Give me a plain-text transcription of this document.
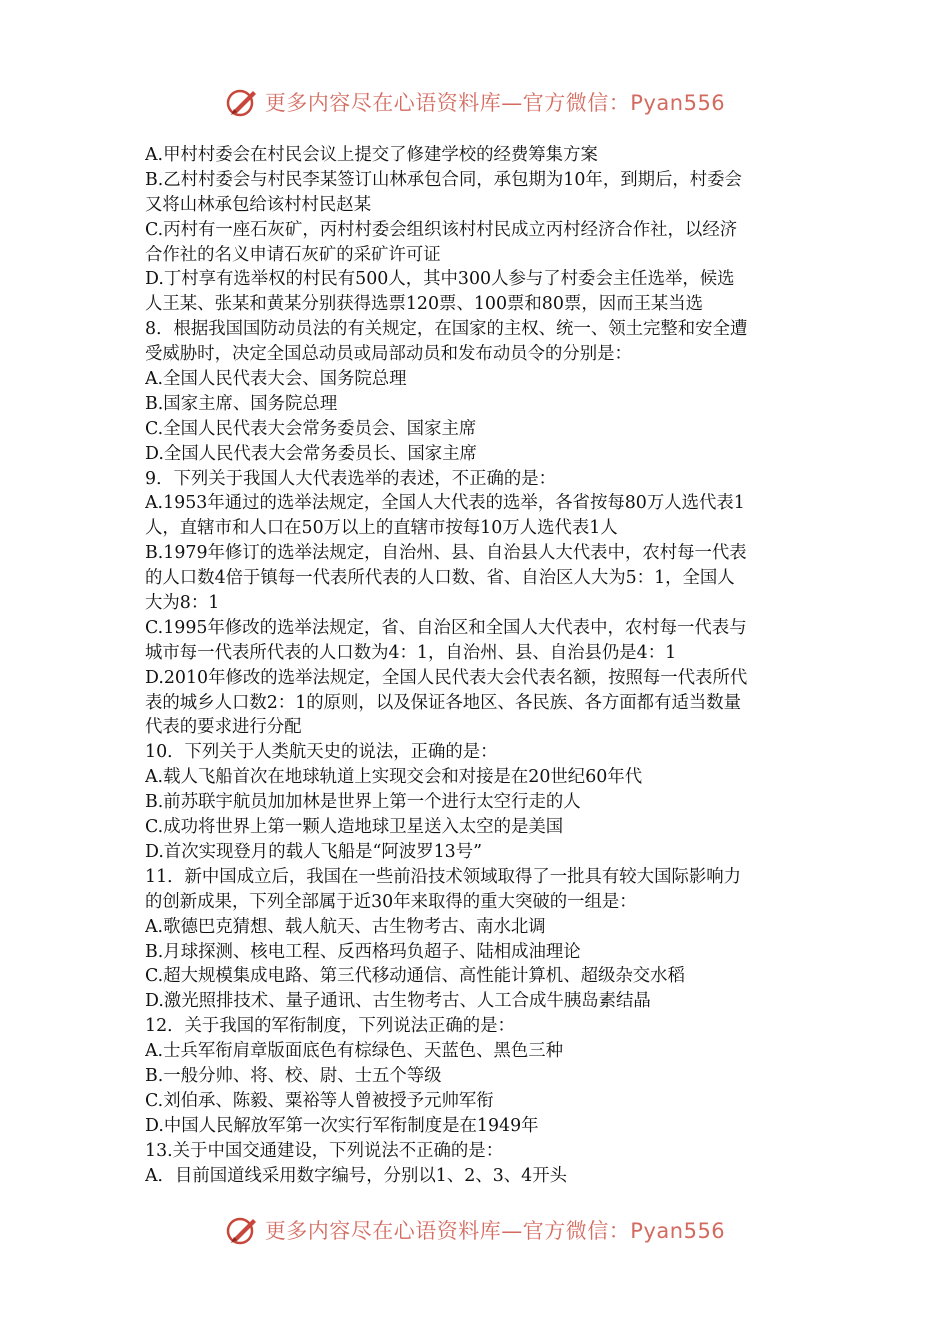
更多内容尽在心语资料库—官方微信：Pyan556
A.甲村村委会在村民会议上提交了修建学校的经费筹集方案
B.乙村村委会与村民李某签订山林承包合同，承包期为10年，到期后，村委会
又将山林承包给该村村民赵某
C.丙村有一座石灰矿，丙村村委会组织该村村民成立丙村经济合作社，以经济
合作社的名义申请石灰矿的采矿许可证
D.丁村享有选举权的村民有500人，其中300人参与了村委会主任选举，候选
人王某、张某和黄某分别获得选票120票、100票和80票，因而王某当选
8．根据我国国防动员法的有关规定，在国家的主权、统一、领土完整和安全遭
受威胁时，决定全国总动员或局部动员和发布动员令的分别是：
A.全国人民代表大会、国务院总理
B.国家主席、国务院总理
C.全国人民代表大会常务委员会、国家主席
D.全国人民代表大会常务委员长、国家主席
9．下列关于我国人大代表选举的表述，不正确的是：
A.1953年通过的选举法规定，全国人大代表的选举，各省按每80万人选代表1
人，直辖市和人口在50万以上的直辖市按每10万人选代表1人
B.1979年修订的选举法规定，自治州、县、自治县人大代表中，农村每一代表
的人口数4倍于镇每一代表所代表的人口数、省、自治区人大为5：1，全国人
大为8：1
C.1995年修改的选举法规定，省、自治区和全国人大代表中，农村每一代表与
城市每一代表所代表的人口数为4：1，自治州、县、自治县仍是4：1
D.2010年修改的选举法规定，全国人民代表大会代表名额，按照每一代表所代
表的城乡人口数2：1的原则，以及保证各地区、各民族、各方面都有适当数量
代表的要求进行分配
10．下列关于人类航天史的说法，正确的是：
A.载人飞船首次在地球轨道上实现交会和对接是在20世纪60年代
B.前苏联宇航员加加林是世界上第一个进行太空行走的人
C.成功将世界上第一颗人造地球卫星送入太空的是美国
D.首次实现登月的载人飞船是“阿波罗13号”
11．新中国成立后，我国在一些前沿技术领域取得了一批具有较大国际影响力
的创新成果，下列全部属于近30年来取得的重大突破的一组是：
A.歌德巴克猜想、载人航天、古生物考古、南水北调
B.月球探测、核电工程、反西格玛负超子、陆相成油理论
C.超大规模集成电路、第三代移动通信、高性能计算机、超级杂交水稻
D.激光照排技术、量子通讯、古生物考古、人工合成牛胰岛素结晶
12．关于我国的军衔制度，下列说法正确的是：
A.士兵军衔肩章版面底色有棕绿色、天蓝色、黑色三种
B.一般分帅、将、校、尉、士五个等级
C.刘伯承、陈毅、粟裕等人曾被授予元帅军衔
D.中国人民解放军第一次实行军衔制度是在1949年
13.关于中国交通建设，下列说法不正确的是：
A．目前国道线采用数字编号，分别以1、2、3、4开头
更多内容尽在心语资料库—官方微信：Pyan556
